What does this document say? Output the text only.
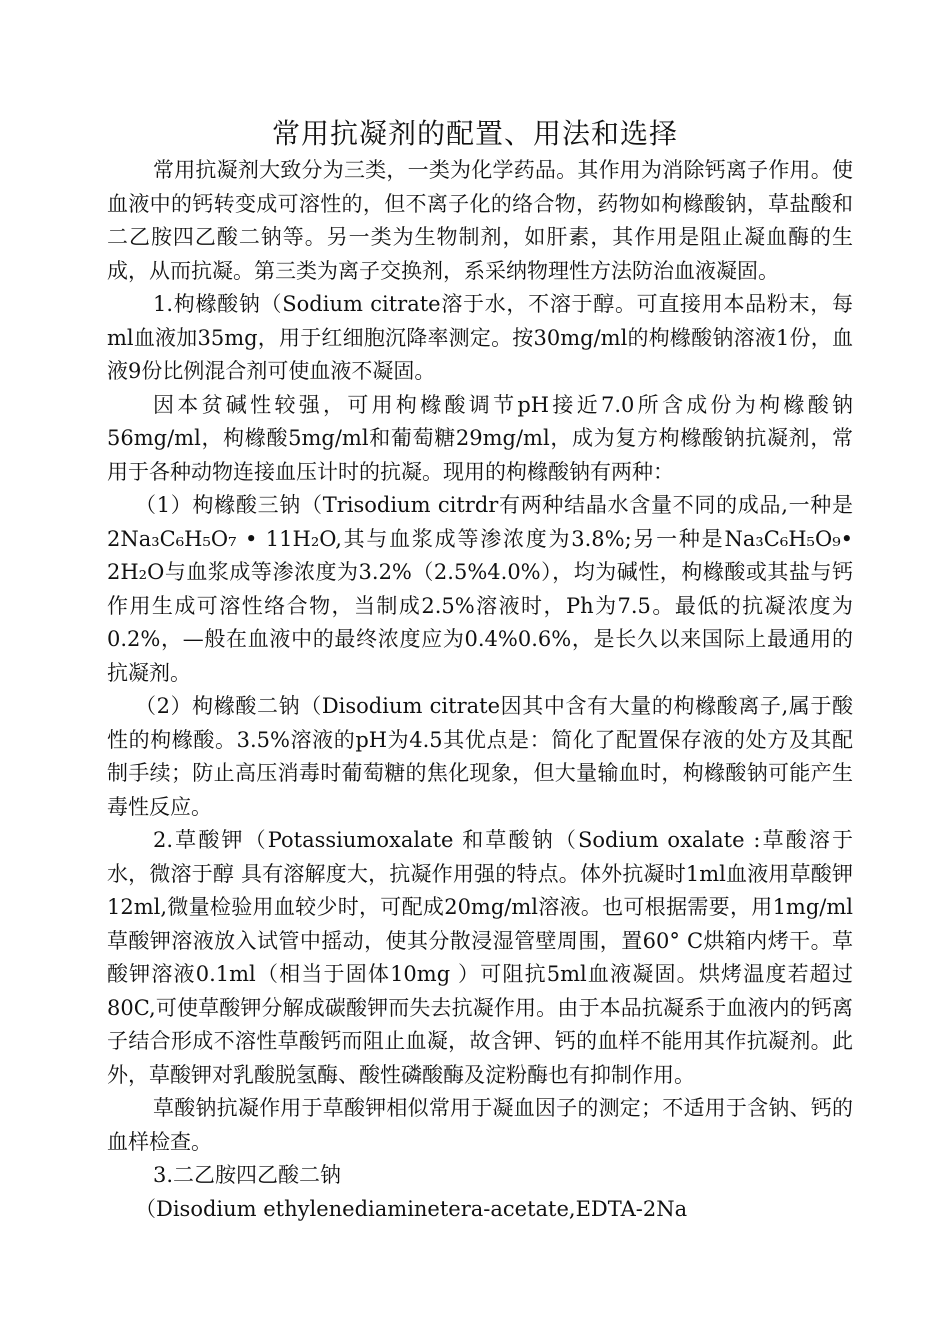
常用抗凝剂的配置、用法和选择

常用抗凝剂大致分为三类，一类为化学药品。其作用为消除钙离子作用。使血液中的钙转变成可溶性的，但不离子化的络合物，药物如枸橼酸钠，草盐酸和二乙胺四乙酸二钠等。另一类为生物制剂，如肝素，其作用是阻止凝血酶的生成，从而抗凝。第三类为离子交换剂，系采纳物理性方法防治血液凝固。

1.枸橼酸钠（Sodium citrate溶于水，不溶于醇。可直接用本品粉末，每ml血液加35mg，用于红细胞沉降率测定。按30mg/ml的枸橼酸钠溶液1份，血液9份比例混合剂可使血液不凝固。

因本贫碱性较强，可用枸橼酸调节pH接近7.0所含成份为枸橼酸钠56mg/ml，枸橼酸5mg/ml和葡萄糖29mg/ml，成为复方枸橼酸钠抗凝剂，常用于各种动物连接血压计时的抗凝。现用的枸橼酸钠有两种：

（1）枸橼酸三钠（Trisodium citrdr有两种结晶水含量不同的成品,一种是2Na₃C₆H₅O₇ • 11H₂O,其与血浆成等渗浓度为3.8%;另一种是Na₃C₆H₅O₉• 2H₂O与血浆成等渗浓度为3.2%（2.5%4.0%），均为碱性，枸橼酸或其盐与钙作用生成可溶性络合物，当制成2.5%溶液时，Ph为7.5。最低的抗凝浓度为0.2%，—般在血液中的最终浓度应为0.4%0.6%，是长久以来国际上最通用的抗凝剂。

（2）枸橼酸二钠（Disodium citrate因其中含有大量的枸橼酸离子,属于酸性的枸橼酸。3.5%溶液的pH为4.5其优点是：简化了配置保存液的处方及其配制手续；防止高压消毒时葡萄糖的焦化现象，但大量输血时，枸橼酸钠可能产生毒性反应。

2.草酸钾（Potassiumoxalate 和草酸钠（Sodium oxalate :草酸溶于水，微溶于醇 具有溶解度大，抗凝作用强的特点。体外抗凝时1ml血液用草酸钾12ml,微量检验用血较少时，可配成20mg/ml溶液。也可根据需要，用1mg/ml草酸钾溶液放入试管中摇动，使其分散浸湿管壁周围，置60° C烘箱内烤干。草酸钾溶液0.1ml（相当于固体10mg ）可阻抗5ml血液凝固。烘烤温度若超过80C,可使草酸钾分解成碳酸钾而失去抗凝作用。由于本品抗凝系于血液内的钙离子结合形成不溶性草酸钙而阻止血凝，故含钾、钙的血样不能用其作抗凝剂。此外，草酸钾对乳酸脱氢酶、酸性磷酸酶及淀粉酶也有抑制作用。

草酸钠抗凝作用于草酸钾相似常用于凝血因子的测定；不适用于含钠、钙的血样检查。

3.二乙胺四乙酸二钠

（Disodium ethylenediaminetera-acetate,EDTA-2Na
